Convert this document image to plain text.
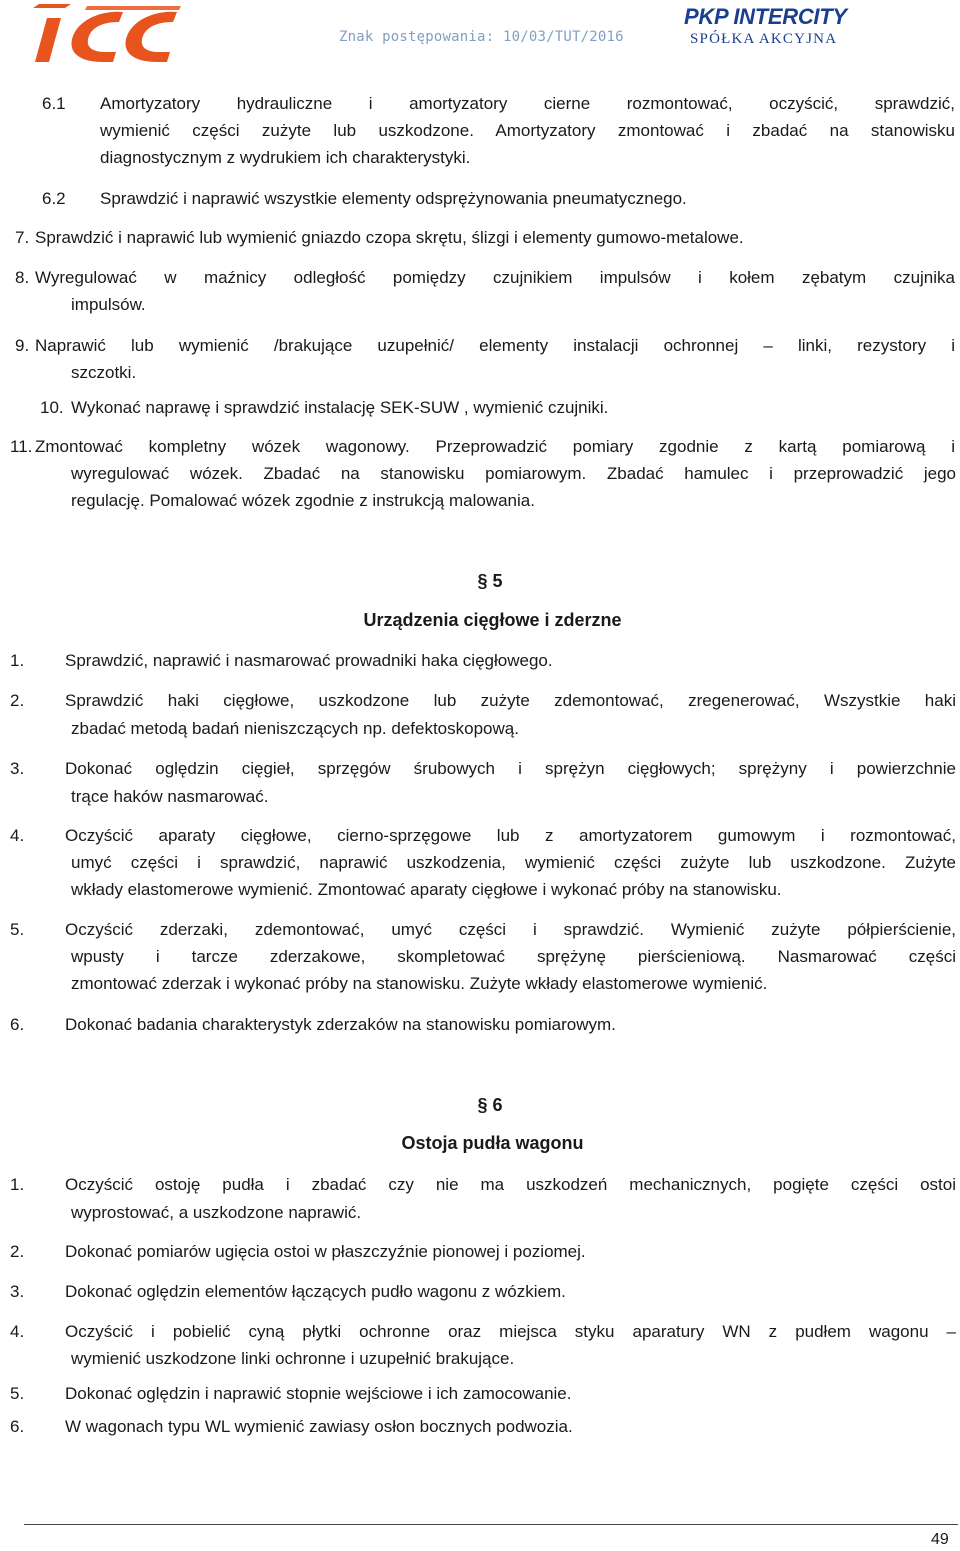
Znak postępowania: 10/03/TUT/2016
PKP INTERCITY
SPÓŁKA AKCYJNA
6.1 Amortyzatory hydrauliczne i amortyzatory cierne rozmontować, oczyścić, sprawdzić,
wymienić części zużyte lub uszkodzone. Amortyzatory zmontować i zbadać na stanowisku
diagnostycznym z wydrukiem ich charakterystyki.
6.2 Sprawdzić i naprawić wszystkie elementy odsprężynowania pneumatycznego.
7. Sprawdzić i naprawić lub wymienić gniazdo czopa skrętu, ślizgi i elementy gumowo-metalowe.
8. Wyregulować w maźnicy odległość pomiędzy czujnikiem impulsów i kołem zębatym czujnika
impulsów.
9. Naprawić lub wymienić /brakujące uzupełnić/ elementy instalacji ochronnej – linki, rezystory i
szczotki.
10. Wykonać naprawę i sprawdzić instalację SEK-SUW , wymienić czujniki.
11. Zmontować kompletny wózek wagonowy. Przeprowadzić pomiary zgodnie z kartą pomiarową i
wyregulować wózek. Zbadać na stanowisku pomiarowym. Zbadać hamulec i przeprowadzić jego
regulację. Pomalować wózek zgodnie z instrukcją malowania.
§ 5
Urządzenia cięgłowe i zderzne
1. Sprawdzić, naprawić i nasmarować prowadniki haka cięgłowego.
2. Sprawdzić haki cięgłowe, uszkodzone lub zużyte zdemontować, zregenerować, Wszystkie haki
zbadać metodą badań nieniszczących np. defektoskopową.
3. Dokonać oględzin cięgieł, sprzęgów śrubowych i sprężyn cięgłowych; sprężyny i powierzchnie
trące haków nasmarować.
4. Oczyścić aparaty cięgłowe, cierno-sprzęgowe lub z amortyzatorem gumowym i rozmontować,
umyć części i sprawdzić, naprawić uszkodzenia, wymienić części zużyte lub uszkodzone. Zużyte
wkłady elastomerowe wymienić. Zmontować aparaty cięgłowe i wykonać próby na stanowisku.
5. Oczyścić zderzaki, zdemontować, umyć części i sprawdzić. Wymienić zużyte półpierścienie,
wpusty i tarcze zderzakowe, skompletować sprężynę pierścieniową. Nasmarować części
zmontować zderzak i wykonać próby na stanowisku. Zużyte wkłady elastomerowe wymienić.
6. Dokonać badania charakterystyk zderzaków na stanowisku pomiarowym.
§ 6
Ostoja pudła wagonu
1. Oczyścić ostoję pudła i zbadać czy nie ma uszkodzeń mechanicznych, pogięte części ostoi
wyprostować, a uszkodzone naprawić.
2. Dokonać pomiarów ugięcia ostoi w płaszczyźnie pionowej i poziomej.
3. Dokonać oględzin elementów łączących pudło wagonu z wózkiem.
4. Oczyścić i pobielić cyną płytki ochronne oraz miejsca styku aparatury WN z pudłem wagonu –
wymienić uszkodzone linki ochronne i uzupełnić brakujące.
5. Dokonać oględzin i naprawić stopnie wejściowe i ich zamocowanie.
6. W wagonach typu WL wymienić zawiasy osłon bocznych podwozia.
49
